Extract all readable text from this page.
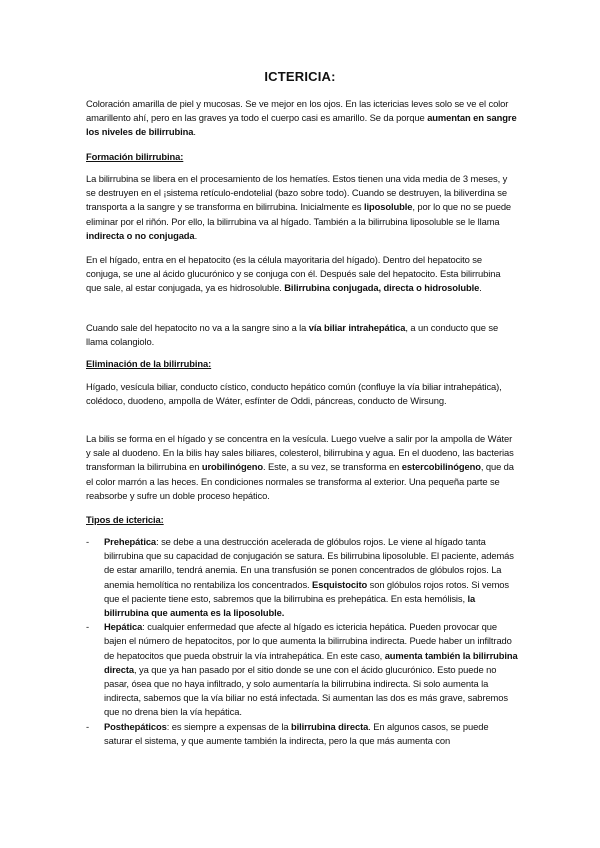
ICTERICIA:

Coloración amarilla de piel y mucosas. Se ve mejor en los ojos. En las ictericias leves solo se ve el color amarillento ahí, pero en las graves ya todo el cuerpo casi es amarillo. Se da porque aumentan en sangre los niveles de bilirrubina.

Formación bilirrubina:

La bilirrubina se libera en el procesamiento de los hematíes. Estos tienen una vida media de 3 meses, y se destruyen en el ¡sistema retículo-endotelial (bazo sobre todo). Cuando se destruyen, la biliverdina se transporta a la sangre y se transforma en bilirrubina. Inicialmente es liposoluble, por lo que no se puede eliminar por el riñón. Por ello, la bilirrubina va al hígado. También a la bilirrubina liposoluble se le llama indirecta o no conjugada.

En el hígado, entra en el hepatocito (es la célula mayoritaria del hígado). Dentro del hepatocito se conjuga, se une al ácido glucurónico y se conjuga con él. Después sale del hepatocito. Esta bilirrubina que sale, al estar conjugada, ya es hidrosoluble. Bilirrubina conjugada, directa o hidrosoluble.

Cuando sale del hepatocito no va a la sangre sino a la vía biliar intrahepática, a un conducto que se llama colangiolo.

Eliminación de la bilirrubina:

Hígado, vesícula biliar, conducto cístico, conducto hepático común (confluye la vía biliar intrahepática), colédoco, duodeno, ampolla de Wáter, esfínter de Oddi, páncreas, conducto de Wirsung.

La bilis se forma en el hígado y se concentra en la vesícula. Luego vuelve a salir por la ampolla de Wáter y sale al duodeno. En la bilis hay sales biliares, colesterol, bilirrubina y agua. En el duodeno, las bacterias transforman la bilirrubina en urobilinógeno. Este, a su vez, se transforma en estercobilinógeno, que da el color marrón a las heces. En condiciones normales se transforma al exterior. Una pequeña parte se reabsorbe y sufre un doble proceso hepático.

Tipos de ictericia:
- Prehepática: se debe a una destrucción acelerada de glóbulos rojos. Le viene al hígado tanta bilirrubina que su capacidad de conjugación se satura. Es bilirrubina liposoluble. El paciente, además de estar amarillo, tendrá anemia. En una transfusión se ponen concentrados de glóbulos rojos. La anemia hemolítica no rentabiliza los concentrados. Esquistocito son glóbulos rojos rotos. Si vemos que el paciente tiene esto, sabremos que la bilirrubina es prehepática. En esta hemólisis, la bilirrubina que aumenta es la liposoluble.
- Hepática: cualquier enfermedad que afecte al hígado es ictericia hepática. Pueden provocar que bajen el número de hepatocitos, por lo que aumenta la bilirrubina indirecta. Puede haber un infiltrado de hepatocitos que pueda obstruir la vía intrahepática. En este caso, aumenta también la bilirrubina directa, ya que ya han pasado por el sitio donde se une con el ácido glucurónico. Esto puede no pasar, ósea que no haya infiltrado, y solo aumentaría la bilirrubina indirecta. Si solo aumenta la indirecta, sabemos que la vía biliar no está infectada. Si aumentan las dos es más grave, sabremos que no drena bien la vía hepática.
- Posthepáticos: es siempre a expensas de la bilirrubina directa. En algunos casos, se puede saturar el sistema, y que aumente también la indirecta, pero la que más aumenta con
